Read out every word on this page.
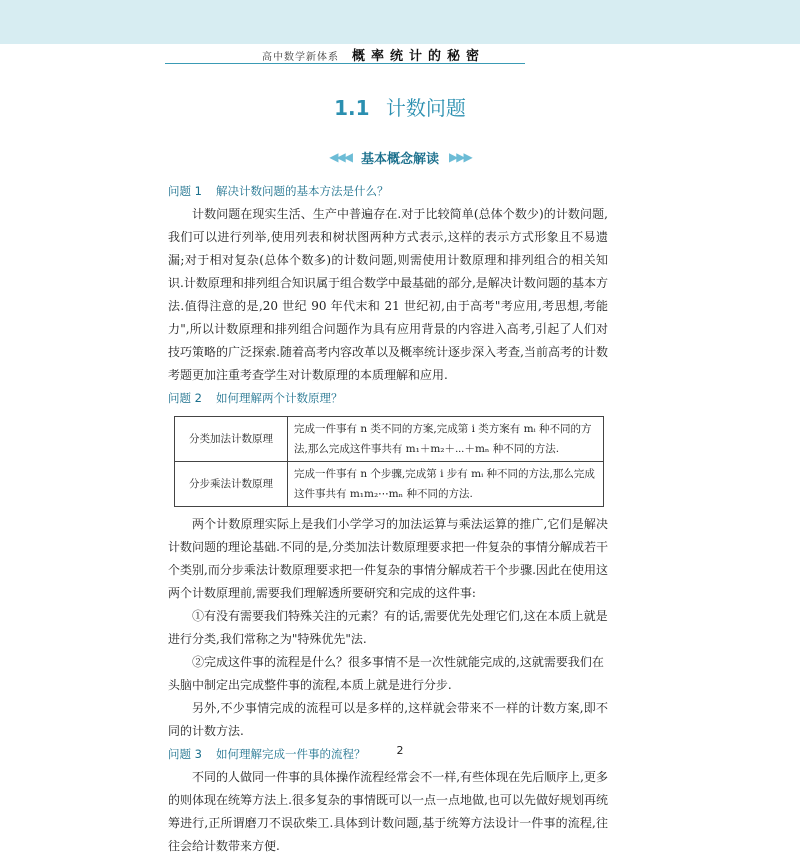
高中数学新体系 概率统计的秘密
1.1 计数问题
◀◀◀ 基本概念解读 ▶▶▶

问题 1 解决计数问题的基本方法是什么？

计数问题在现实生活、生产中普遍存在.对于比较简单(总体个数少)的计数问题,我们可以进行列举,使用列表和树状图两种方式表示,这样的表示方式形象且不易遗漏;对于相对复杂(总体个数多)的计数问题,则需使用计数原理和排列组合的相关知识.计数原理和排列组合知识属于组合数学中最基础的部分,是解决计数问题的基本方法.值得注意的是,20 世纪 90 年代末和 21 世纪初,由于高考"考应用,考思想,考能力",所以计数原理和排列组合问题作为具有应用背景的内容进入高考,引起了人们对技巧策略的广泛探索.随着高考内容改革以及概率统计逐步深入考查,当前高考的计数考题更加注重考查学生对计数原理的本质理解和应用.

问题 2 如何理解两个计数原理？

分类加法计数原理	完成一件事有 n 类不同的方案,完成第 i 类方案有 mᵢ 种不同的方法,那么完成这件事共有 m₁＋m₂＋⋯＋mₙ 种不同的方法.
分步乘法计数原理	完成一件事有 n 个步骤,完成第 i 步有 mᵢ 种不同的方法,那么完成这件事共有 m₁m₂⋯mₙ 种不同的方法.

两个计数原理实际上是我们小学学习的加法运算与乘法运算的推广,它们是解决计数问题的理论基础.不同的是,分类加法计数原理要求把一件复杂的事情分解成若干个类别,而分步乘法计数原理要求把一件复杂的事情分解成若干个步骤.因此在使用这两个计数原理前,需要我们理解透所要研究和完成的这件事:

①有没有需要我们特殊关注的元素？有的话,需要优先处理它们,这在本质上就是进行分类,我们常称之为"特殊优先"法.

②完成这件事的流程是什么？很多事情不是一次性就能完成的,这就需要我们在头脑中制定出完成整件事的流程,本质上就是进行分步.

另外,不少事情完成的流程可以是多样的,这样就会带来不一样的计数方案,即不同的计数方法.

问题 3 如何理解完成一件事的流程？

不同的人做同一件事的具体操作流程经常会不一样,有些体现在先后顺序上,更多的则体现在统筹方法上.很多复杂的事情既可以一点一点地做,也可以先做好规划再统筹进行,正所谓磨刀不误砍柴工.具体到计数问题,基于统筹方法设计一件事的流程,往往会给计数带来方便.

2
